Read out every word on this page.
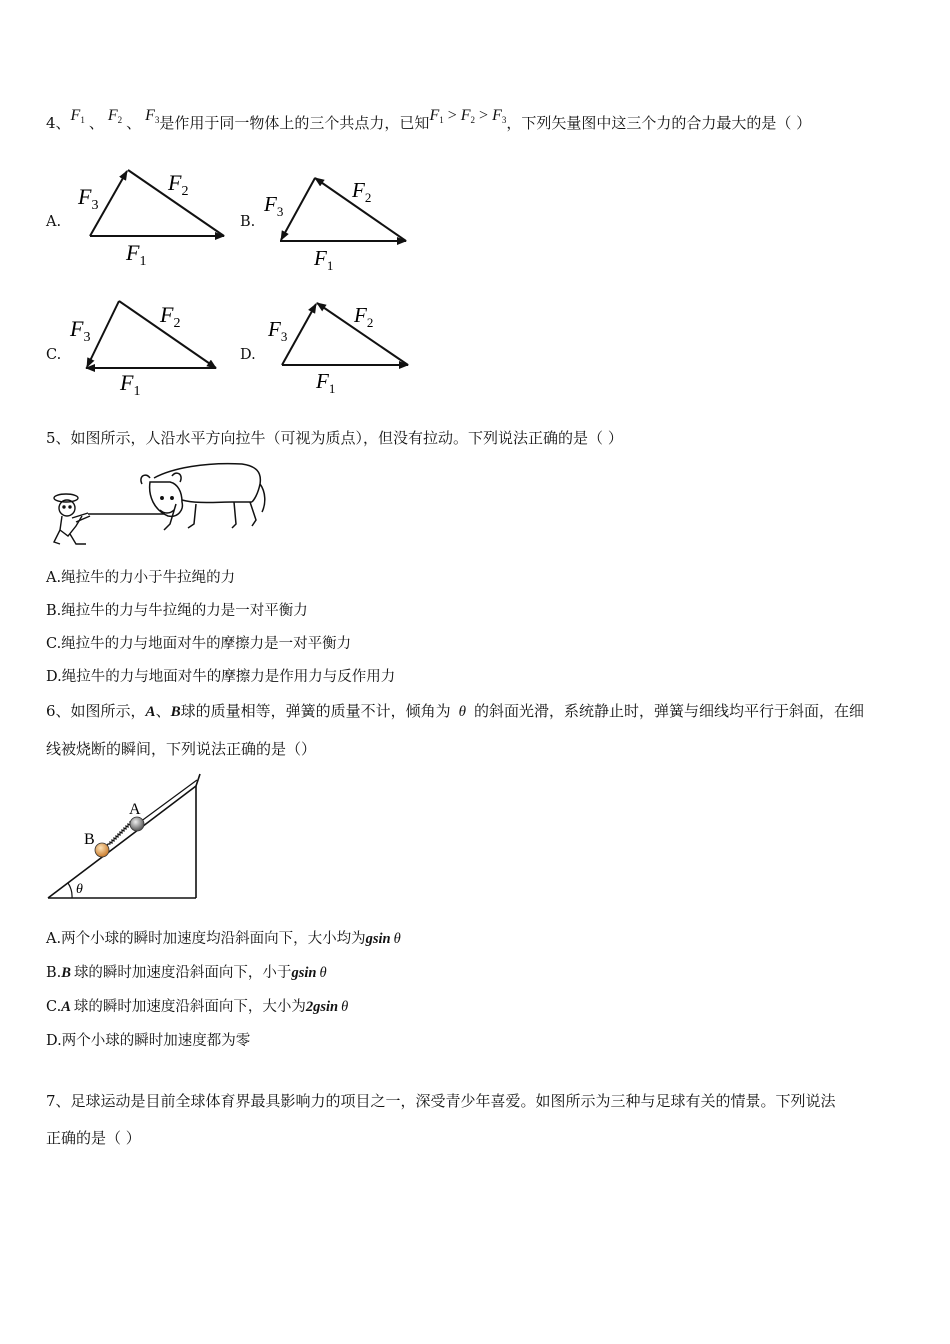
4、$F_1$ 、 $F_2$ 、 $F_3$是作用于同一物体上的三个共点力，已知$F_1 > F_2 > F_3$，下列矢量图中这三个力的合力最大的是（ ）
A.
$F_3$
$F_2$
$F_1$
B.
$F_3$
$F_2$
$F_1$
C.
$F_3$
$F_2$
$F_1$
D.
$F_3$
$F_2$
$F_1$
5、如图所示，人沿水平方向拉牛（可视为质点），但没有拉动。下列说法正确的是（ ）
A.绳拉牛的力小于牛拉绳的力
B.绳拉牛的力与牛拉绳的力是一对平衡力
C.绳拉牛的力与地面对牛的摩擦力是一对平衡力
D.绳拉牛的力与地面对牛的摩擦力是作用力与反作用力
6、如图所示，A、B球的质量相等，弹簧的质量不计，倾角为 θ 的斜面光滑，系统静止时，弹簧与细线均平行于斜面，在细
线被烧断的瞬间，下列说法正确的是（）
θ
A
B
A.两个小球的瞬时加速度均沿斜面向下，大小均为gsin θ
B.B 球的瞬时加速度沿斜面向下，小于gsin θ
C.A 球的瞬时加速度沿斜面向下，大小为2gsin θ
D.两个小球的瞬时加速度都为零
7、足球运动是目前全球体育界最具影响力的项目之一，深受青少年喜爱。如图所示为三种与足球有关的情景。下列说法
正确的是（ ）
